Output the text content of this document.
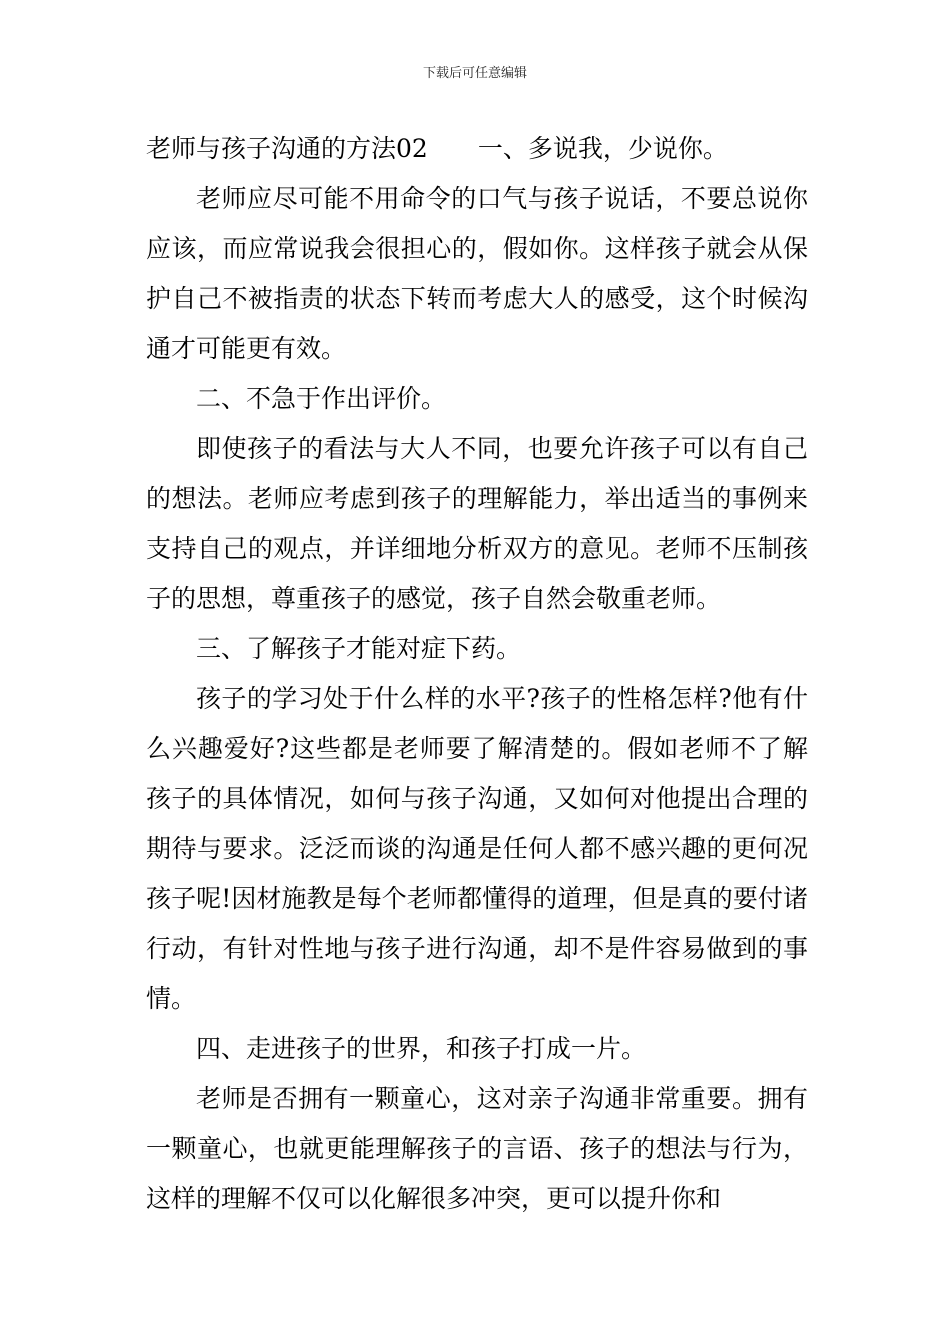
下载后可任意编辑

老师与孩子沟通的方法02 一、多说我，少说你。

老师应尽可能不用命令的口气与孩子说话，不要总说你应该，而应常说我会很担心的，假如你。这样孩子就会从保护自己不被指责的状态下转而考虑大人的感受，这个时候沟通才可能更有效。

二、不急于作出评价。

即使孩子的看法与大人不同，也要允许孩子可以有自己的想法。老师应考虑到孩子的理解能力，举出适当的事例来支持自己的观点，并详细地分析双方的意见。老师不压制孩子的思想，尊重孩子的感觉，孩子自然会敬重老师。

三、了解孩子才能对症下药。

孩子的学习处于什么样的水平?孩子的性格怎样?他有什么兴趣爱好?这些都是老师要了解清楚的。假如老师不了解孩子的具体情况，如何与孩子沟通，又如何对他提出合理的期待与要求。泛泛而谈的沟通是任何人都不感兴趣的更何况孩子呢!因材施教是每个老师都懂得的道理，但是真的要付诸行动，有针对性地与孩子进行沟通，却不是件容易做到的事情。

四、走进孩子的世界，和孩子打成一片。

老师是否拥有一颗童心，这对亲子沟通非常重要。拥有一颗童心，也就更能理解孩子的言语、孩子的想法与行为，这样的理解不仅可以化解很多冲突，更可以提升你和
